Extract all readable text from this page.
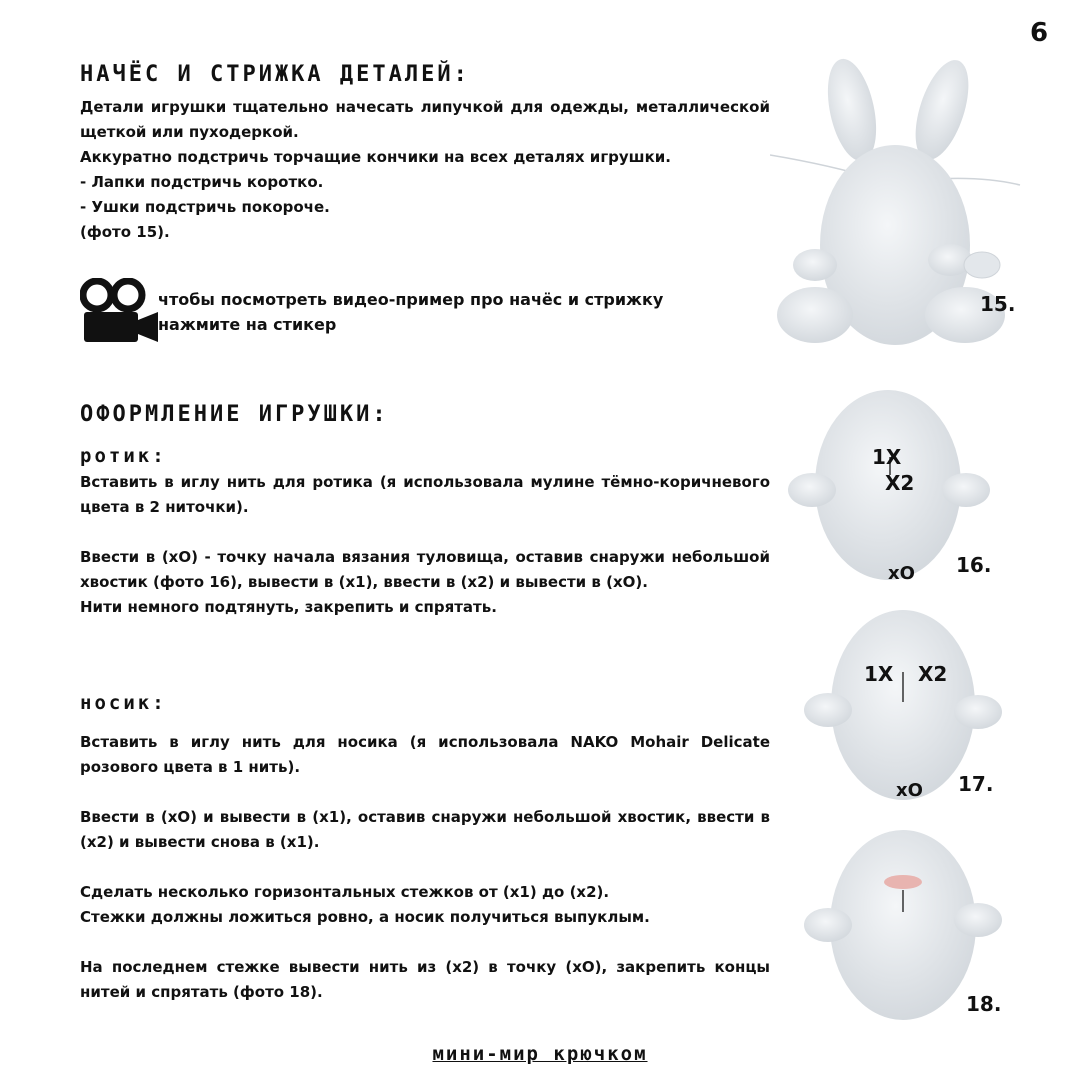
6
НАЧЁС И СТРИЖКА ДЕТАЛЕЙ:

Детали игрушки тщательно начесать липучкой для одежды, металлической щеткой или пуходеркой.

Аккуратно подстричь торчащие кончики на всех деталях игрушки.

- Лапки подстричь коротко.

- Ушки подстричь покороче.

(фото 15).

чтобы посмотреть видео-пример про начёс и стрижку
нажмите на стикер
ОФОРМЛЕНИЕ ИГРУШКИ:
ротик:

Вставить в иглу нить для ротика (я использовала мулине тёмно-коричневого цвета в 2 ниточки).

Ввести в (хО) - точку начала вязания туловища, оставив снаружи небольшой хвостик (фото 16), вывести в (х1), ввести в (х2) и вывести в (хО).

Нити немного подтянуть, закрепить и спрятать.

носик:

Вставить в иглу нить для носика (я использовала NAKO Mohair Delicate розового цвета в 1 нить).

Ввести в (хО) и вывести в (х1), оставив снаружи небольшой хвостик, ввести в (х2) и вывести снова в (х1).

Сделать несколько горизонтальных стежков от (х1) до (х2).

Стежки должны ложиться ровно, а носик получиться выпуклым.

На последнем стежке вывести нить из (х2) в точку (хО), закрепить концы нитей и спрятать (фото 18).

15.
1Х
Х2
хО 16.
1Х Х2
хО 17.
18.
мини-мир крючком
